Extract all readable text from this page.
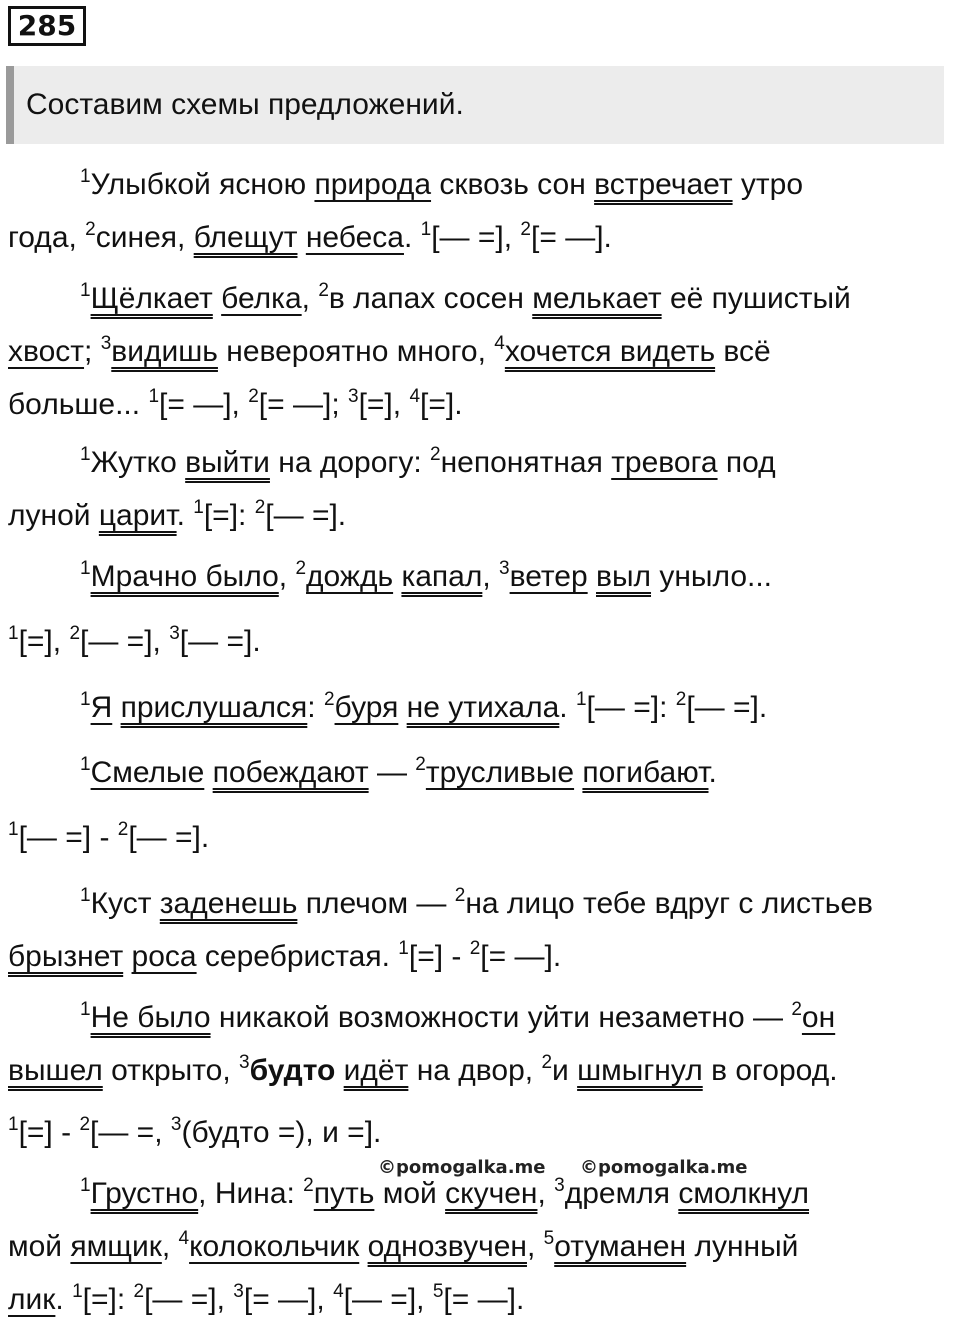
285
Составим схемы предложений.
$^1$Улыбкой ясною природа сквозь сон встречает утро
года, $^2$синея, блещут небеса. $^1$[— =], $^2$[= —].
$^1$Щёлкает белка, $^2$в лапах сосен мелькает её пушистый
хвост; $^3$видишь невероятно много, $^4$хочется видеть всё
больше... $^1$[= —], $^2$[= —]; $^3$[=], $^4$[=].
$^1$Жутко выйти на дорогу: $^2$непонятная тревога под
луной царит. $^1$[=]: $^2$[— =].
$^1$Мрачно было, $^2$дождь капал, $^3$ветер выл уныло...
$^1$[=], $^2$[— =], $^3$[— =].
$^1$Я прислушался: $^2$буря не утихала. $^1$[— =]: $^2$[— =].
$^1$Смелые побеждают — $^2$трусливые погибают.
$^1$[— =] - $^2$[— =].
$^1$Куст заденешь плечом — $^2$на лицо тебе вдруг с листьев
брызнет роса серебристая. $^1$[=] - $^2$[= —].
$^1$Не было никакой возможности уйти незаметно — $^2$он
вышел открыто, $^3$будто идёт на двор, $^2$и шмыгнул в огород.
$^1$[=] - $^2$[— =, $^3$(будто =), и =].
$^1$Грустно, Нина: $^2$путь мой скучен, $^3$дремля смолкнул
мой ямщик, $^4$колокольчик однозвучен, $^5$отуманен лунный
лик. $^1$[=]: $^2$[— =], $^3$[= —], $^4$[— =], $^5$[= —].
©pomogalka.me ©pomogalka.me
